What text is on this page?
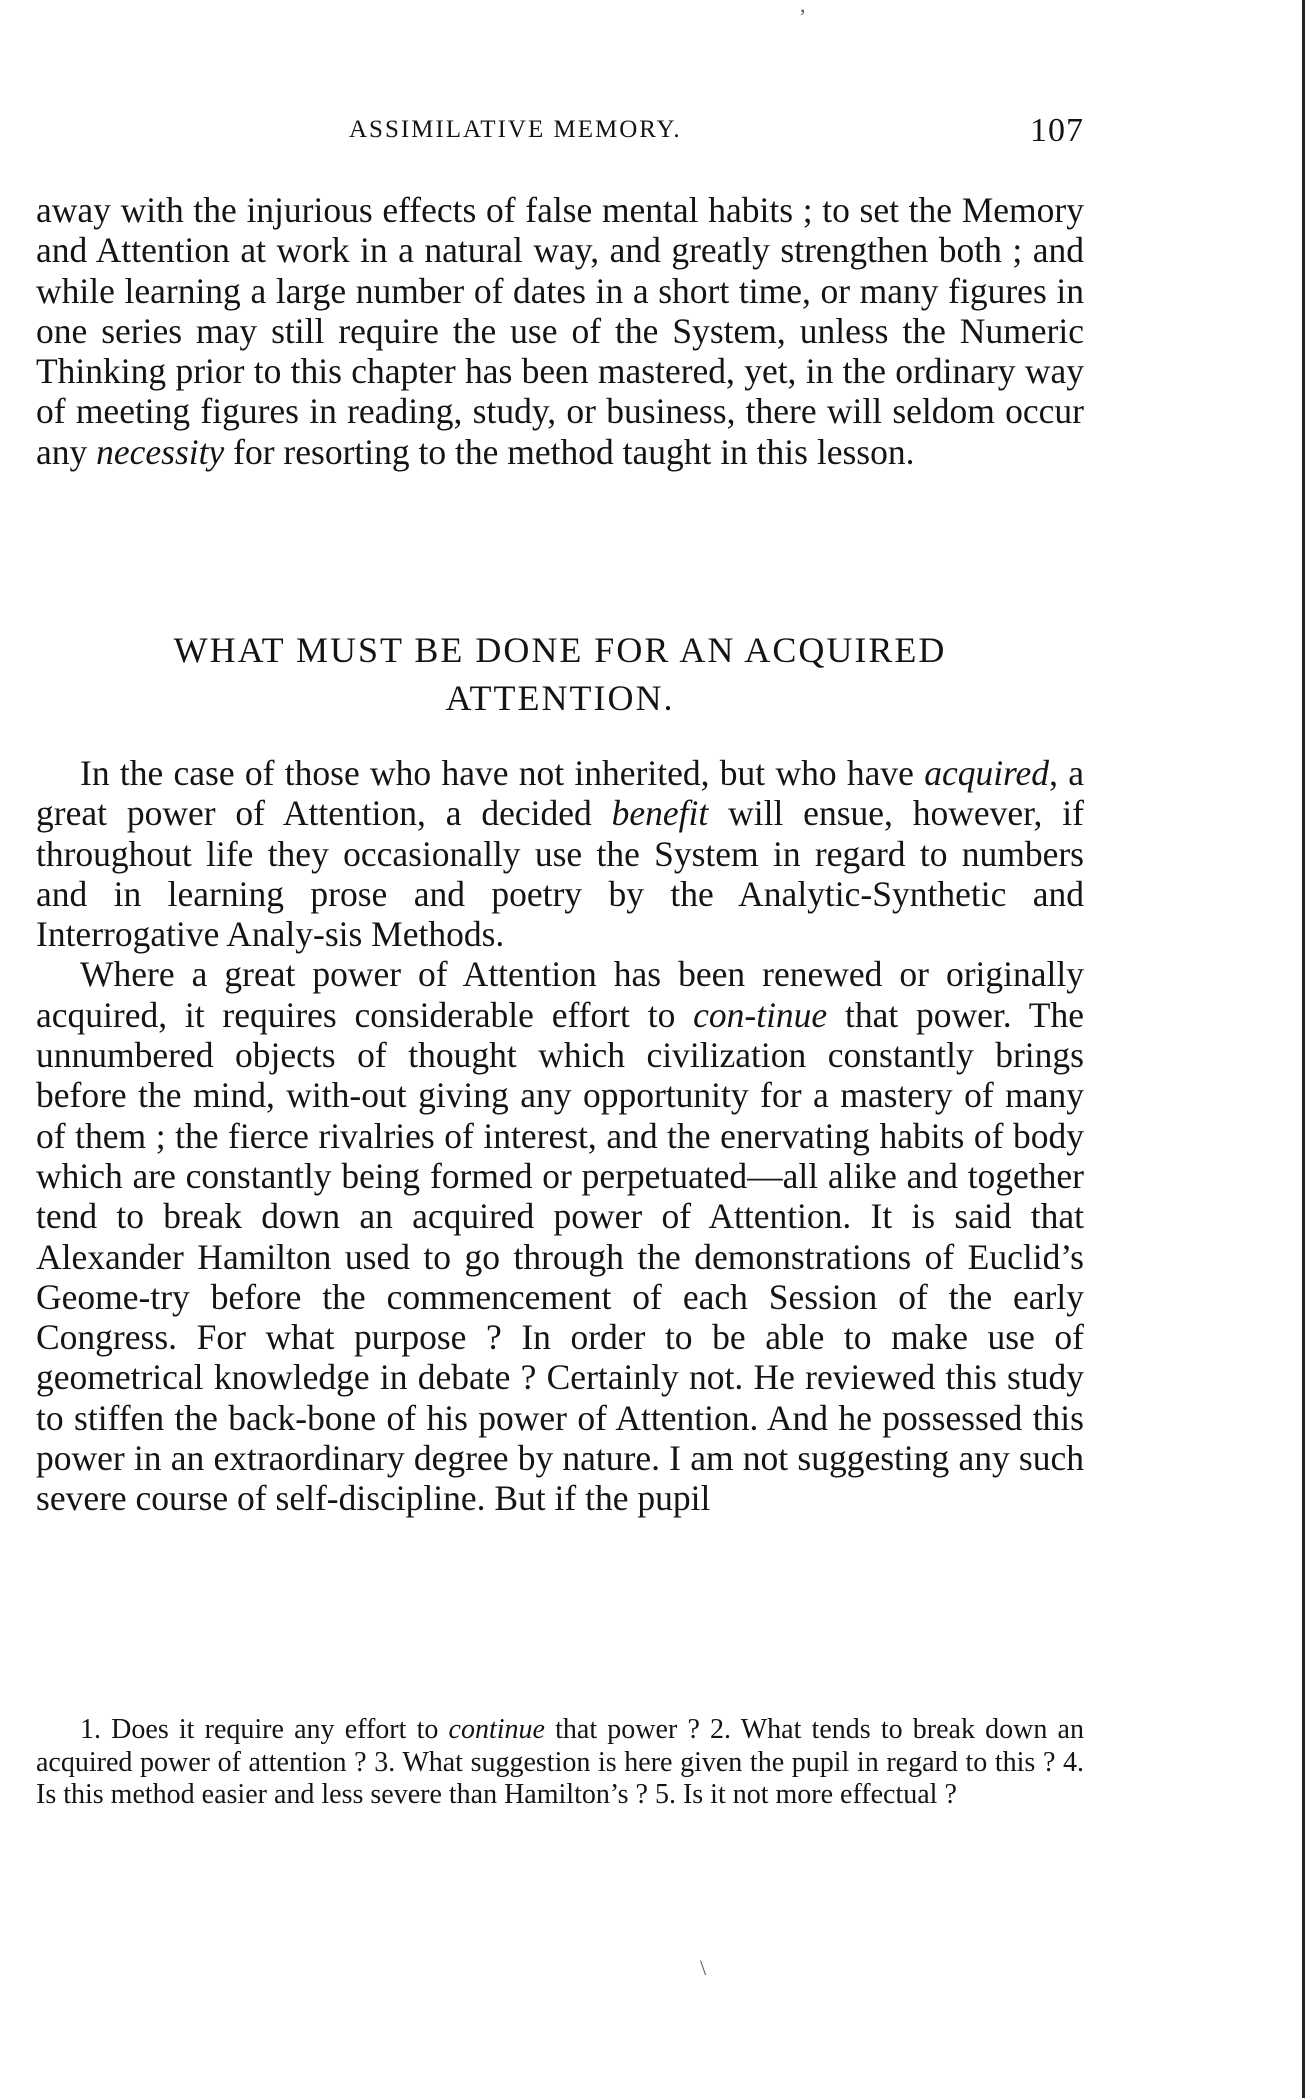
ASSIMILATIVE MEMORY.	107

away with the injurious effects of false mental habits ; to set the Memory and Attention at work in a natural way, and greatly strengthen both ; and while learning a large number of dates in a short time, or many figures in one series may still require the use of the System, unless the Numeric Thinking prior to this chapter has been mastered, yet, in the ordinary way of meeting figures in reading, study, or business, there will seldom occur any necessity for resorting to the method taught in this lesson.

WHAT MUST BE DONE FOR AN ACQUIRED
ATTENTION.

In the case of those who have not inherited, but who have acquired, a great power of Attention, a decided benefit will ensue, however, if throughout life they occasionally use the System in regard to numbers and in learning prose and poetry by the Analytic-Synthetic and Interrogative Analy-sis Methods.

Where a great power of Attention has been renewed or originally acquired, it requires considerable effort to con-tinue that power. The unnumbered objects of thought which civilization constantly brings before the mind, with-out giving any opportunity for a mastery of many of them ; the fierce rivalries of interest, and the enervating habits of body which are constantly being formed or perpetuated—all alike and together tend to break down an acquired power of Attention. It is said that Alexander Hamilton used to go through the demonstrations of Euclid’s Geome-try before the commencement of each Session of the early Congress. For what purpose ? In order to be able to make use of geometrical knowledge in debate ? Certainly not. He reviewed this study to stiffen the back-bone of his power of Attention. And he possessed this power in an extraordinary degree by nature. I am not suggesting any such severe course of self-discipline. But if the pupil

1. Does it require any effort to continue that power ? 2. What tends to break down an acquired power of attention ? 3. What suggestion is here given the pupil in regard to this ? 4. Is this method easier and less severe than Hamilton’s ? 5. Is it not more effectual ?

,
\
